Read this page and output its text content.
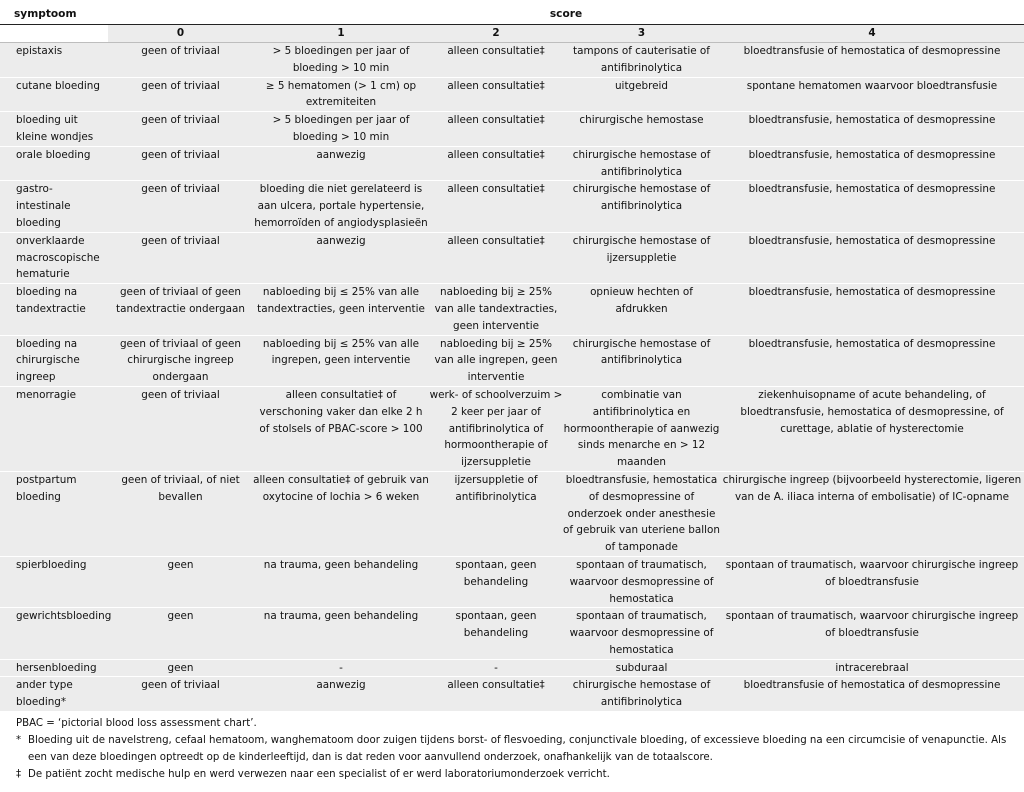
symptoom	score				
	0	1	2	3	4
epistaxis	geen of triviaal	> 5 bloedingen per jaar of bloeding > 10 min	alleen consultatie‡	tampons of cauterisatie of antifibrinolytica	bloedtransfusie of hemostatica of desmopressine
cutane bloeding	geen of triviaal	≥ 5 hematomen (> 1 cm) op extremiteiten	alleen consultatie‡	uitgebreid	spontane hematomen waarvoor bloedtransfusie
bloeding uit kleine wondjes	geen of triviaal	> 5 bloedingen per jaar of bloeding > 10 min	alleen consultatie‡	chirurgische hemostase	bloedtransfusie, hemostatica of desmopressine
orale bloeding	geen of triviaal	aanwezig	alleen consultatie‡	chirurgische hemostase of antifibrinolytica	bloedtransfusie, hemostatica of desmopressine
gastro-intestinale bloeding	geen of triviaal	bloeding die niet gerelateerd is aan ulcera, portale hypertensie, hemorroïden of angiodysplasieën	alleen consultatie‡	chirurgische hemostase of antifibrinolytica	bloedtransfusie, hemostatica of desmopressine
onverklaarde macroscopische hematurie	geen of triviaal	aanwezig	alleen consultatie‡	chirurgische hemostase of ijzersuppletie	bloedtransfusie, hemostatica of desmopressine
bloeding na tandextractie	geen of triviaal of geen tandextractie ondergaan	nabloeding bij ≤ 25% van alle tandextracties, geen interventie	nabloeding bij ≥ 25% van alle tandextracties, geen interventie	opnieuw hechten of afdrukken	bloedtransfusie, hemostatica of desmopressine
bloeding na chirurgische ingreep	geen of triviaal of geen chirurgische ingreep ondergaan	nabloeding bij ≤ 25% van alle ingrepen, geen interventie	nabloeding bij ≥ 25% van alle ingrepen, geen interventie	chirurgische hemostase of antifibrinolytica	bloedtransfusie, hemostatica of desmopressine
menorragie	geen of triviaal	alleen consultatie‡ of verschoning vaker dan elke 2 h of stolsels of PBAC-score > 100	werk- of schoolverzuim > 2 keer per jaar of antifibrinolytica of hormoontherapie of ijzersuppletie	combinatie van antifibrinolytica en hormoontherapie of aanwezig sinds menarche en > 12 maanden	ziekenhuisopname of acute behandeling, of bloedtransfusie, hemostatica of desmopressine, of curettage, ablatie of hysterectomie
postpartum bloeding	geen of triviaal, of niet bevallen	alleen consultatie‡ of gebruik van oxytocine of lochia > 6 weken	ijzersuppletie of antifibrinolytica	bloedtransfusie, hemostatica of desmopressine of onderzoek onder anesthesie of gebruik van uteriene ballon of tamponade	chirurgische ingreep (bijvoorbeeld hysterectomie, ligeren van de A. iliaca interna of embolisatie) of IC-opname
spierbloeding	geen	na trauma, geen behandeling	spontaan, geen behandeling	spontaan of traumatisch, waarvoor desmopressine of hemostatica	spontaan of traumatisch, waarvoor chirurgische ingreep of bloedtransfusie
gewrichtsbloeding	geen	na trauma, geen behandeling	spontaan, geen behandeling	spontaan of traumatisch, waarvoor desmopressine of hemostatica	spontaan of traumatisch, waarvoor chirurgische ingreep of bloedtransfusie
hersenbloeding	geen	-	-	subduraal	intracerebraal
ander type bloeding*	geen of triviaal	aanwezig	alleen consultatie‡	chirurgische hemostase of antifibrinolytica	bloedtransfusie of hemostatica of desmopressine
PBAC = ‘pictorial blood loss assessment chart’.
* Bloeding uit de navelstreng, cefaal hematoom, wanghematoom door zuigen tijdens borst- of flesvoeding, conjunctivale bloeding, of excessieve bloeding na een circumcisie of venapunctie. Als een van deze bloedingen optreedt op de kinderleeftijd, dan is dat reden voor aanvullend onderzoek, onafhankelijk van de totaalscore.
‡ De patiënt zocht medische hulp en werd verwezen naar een specialist of er werd laboratoriumonderzoek verricht.
